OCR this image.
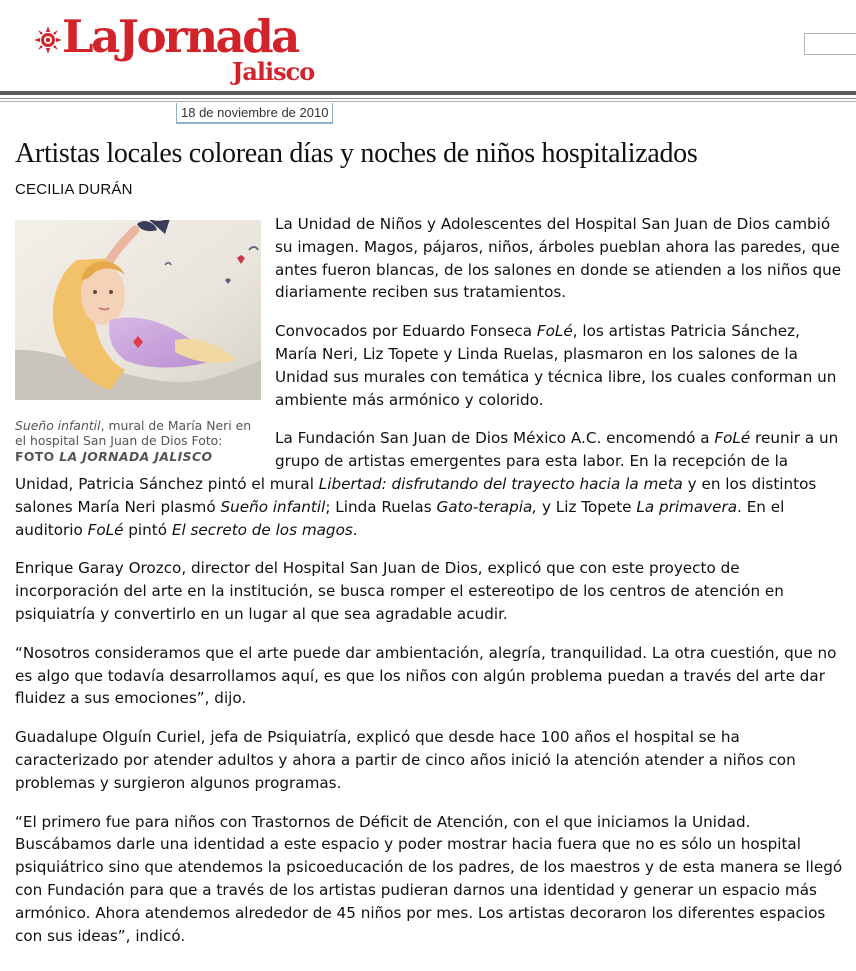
LaJornada
Jalisco
18 de noviembre de 2010
Artistas locales colorean días y noches de niños hospitalizados
CECILIA DURÁN
Sueño infantil, mural de María Neri en el hospital San Juan de Dios Foto:
FOTO LA JORNADA JALISCO

La Unidad de Niños y Adolescentes del Hospital San Juan de Dios cambió su imagen. Magos, pájaros, niños, árboles pueblan ahora las paredes, que antes fueron blancas, de los salones en donde se atienden a los niños que diariamente reciben sus tratamientos.

Convocados por Eduardo Fonseca FoLé, los artistas Patricia Sánchez, María Neri, Liz Topete y Linda Ruelas, plasmaron en los salones de la Unidad sus murales con temática y técnica libre, los cuales conforman un ambiente más armónico y colorido.

La Fundación San Juan de Dios México A.C. encomendó a FoLé reunir a un grupo de artistas emergentes para esta labor. En la recepción de la Unidad, Patricia Sánchez pintó el mural Libertad: disfrutando del trayecto hacia la meta y en los distintos salones María Neri plasmó Sueño infantil; Linda Ruelas Gato-terapia, y Liz Topete La primavera. En el auditorio FoLé pintó El secreto de los magos.

Enrique Garay Orozco, director del Hospital San Juan de Dios, explicó que con este proyecto de incorporación del arte en la institución, se busca romper el estereotipo de los centros de atención en psiquiatría y convertirlo en un lugar al que sea agradable acudir.

“Nosotros consideramos que el arte puede dar ambientación, alegría, tranquilidad. La otra cuestión, que no es algo que todavía desarrollamos aquí, es que los niños con algún problema puedan a través del arte dar fluidez a sus emociones”, dijo.

Guadalupe Olguín Curiel, jefa de Psiquiatría, explicó que desde hace 100 años el hospital se ha caracterizado por atender adultos y ahora a partir de cinco años inició la atención atender a niños con problemas y surgieron algunos programas.

“El primero fue para niños con Trastornos de Déficit de Atención, con el que iniciamos la Unidad. Buscábamos darle una identidad a este espacio y poder mostrar hacia fuera que no es sólo un hospital psiquiátrico sino que atendemos la psicoeducación de los padres, de los maestros y de esta manera se llegó con Fundación para que a través de los artistas pudieran darnos una identidad y generar un espacio más armónico. Ahora atendemos alrededor de 45 niños por mes. Los artistas decoraron los diferentes espacios con sus ideas”, indicó.
